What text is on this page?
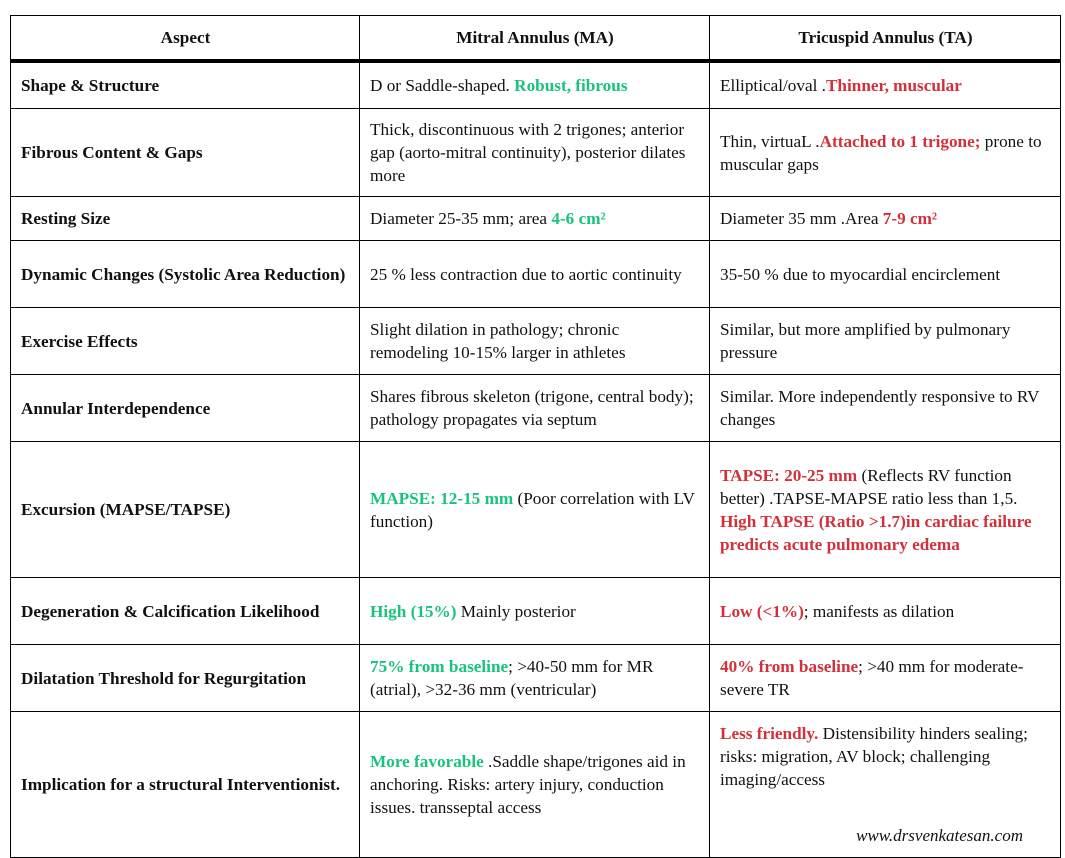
Aspect	Mitral Annulus (MA)	Tricuspid Annulus (TA)
Shape & Structure	D or Saddle-shaped. Robust, fibrous	Elliptical/oval .Thinner, muscular
Fibrous Content & Gaps	Thick, discontinuous with 2 trigones; anterior gap (aorto-mitral continuity), posterior dilates more	Thin, virtuaL .Attached to 1 trigone; prone to muscular gaps
Resting Size	Diameter 25-35 mm; area 4-6 cm²	Diameter 35 mm .Area 7-9 cm²
Dynamic Changes (Systolic Area Reduction)	25 % less contraction due to aortic continuity	35-50 % due to myocardial encirclement
Exercise Effects	Slight dilation in pathology; chronic remodeling 10-15% larger in athletes	Similar, but more amplified by pulmonary pressure
Annular Interdependence	Shares fibrous skeleton (trigone, central body); pathology propagates via septum	Similar. More independently responsive to RV changes
Excursion (MAPSE/TAPSE)	MAPSE: 12-15 mm (Poor correlation with LV function)	TAPSE: 20-25 mm (Reflects RV function better) .TAPSE-MAPSE ratio less than 1,5. High TAPSE (Ratio >1.7)in cardiac failure predicts acute pulmonary edema
Degeneration & Calcification Likelihood	High (15%) Mainly posterior	Low (<1%); manifests as dilation
Dilatation Threshold for Regurgitation	75% from baseline; >40-50 mm for MR (atrial), >32-36 mm (ventricular)	40% from baseline; >40 mm for moderate-severe TR
Implication for a structural Interventionist.	More favorable .Saddle shape/trigones aid in anchoring. Risks: artery injury, conduction issues. transseptal access	Less friendly. Distensibility hinders sealing; risks: migration, AV block; challenging imaging/access
www.drsvenkatesan.com
